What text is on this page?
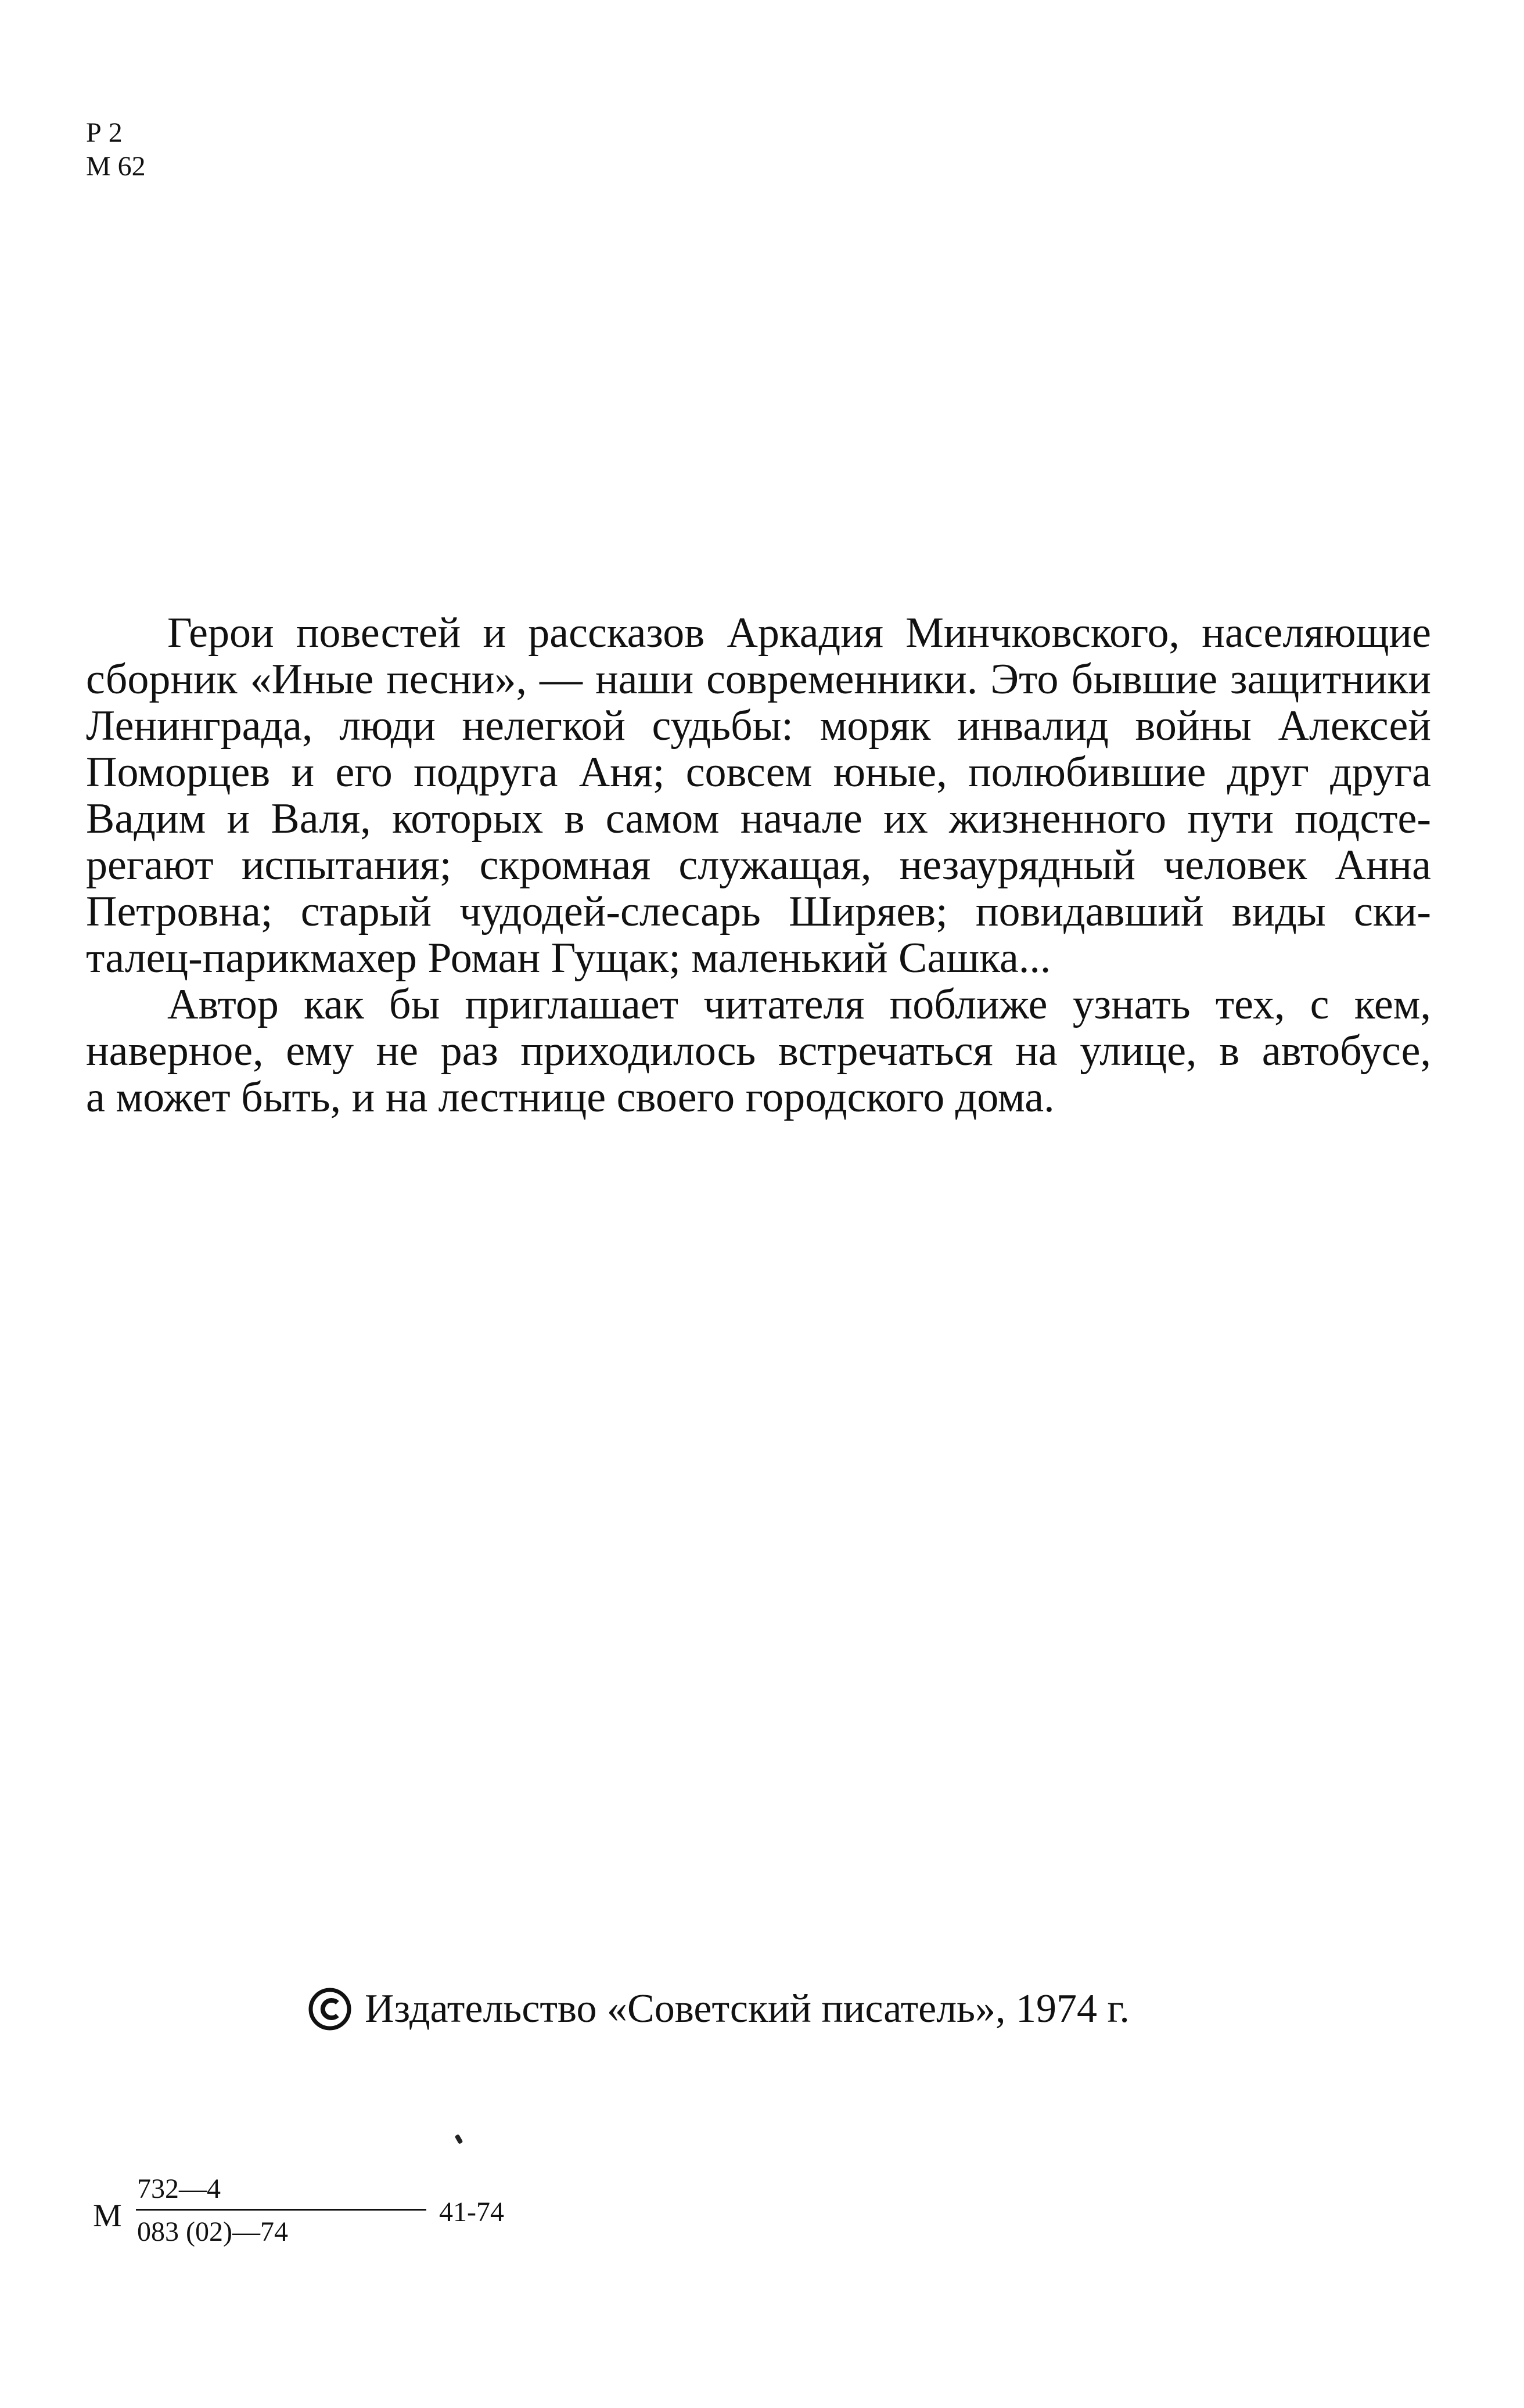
Р 2
М 62

Герои повестей и рассказов Аркадия Минчковского, населяющие
сборник «Иные песни», — наши современники. Это бывшие защитники
Ленинграда, люди нелегкой судьбы: моряк инвалид войны Алексей
Поморцев и его подруга Аня; совсем юные, полюбившие друг друга
Вадим и Валя, которых в самом начале их жизненного пути подсте-
регают испытания; скромная служащая, незаурядный человек Анна
Петровна; старый чудодей-слесарь Ширяев; повидавший виды ски-
талец-парикмахер Роман Гущак; маленький Сашка...

Автор как бы приглашает читателя поближе узнать тех, с кем,
наверное, ему не раз приходилось встречаться на улице, в автобусе,
а может быть, и на лестнице своего городского дома.

Издательство «Советский писатель», 1974 г.
М
732—4
083 (02)—74
41-74
